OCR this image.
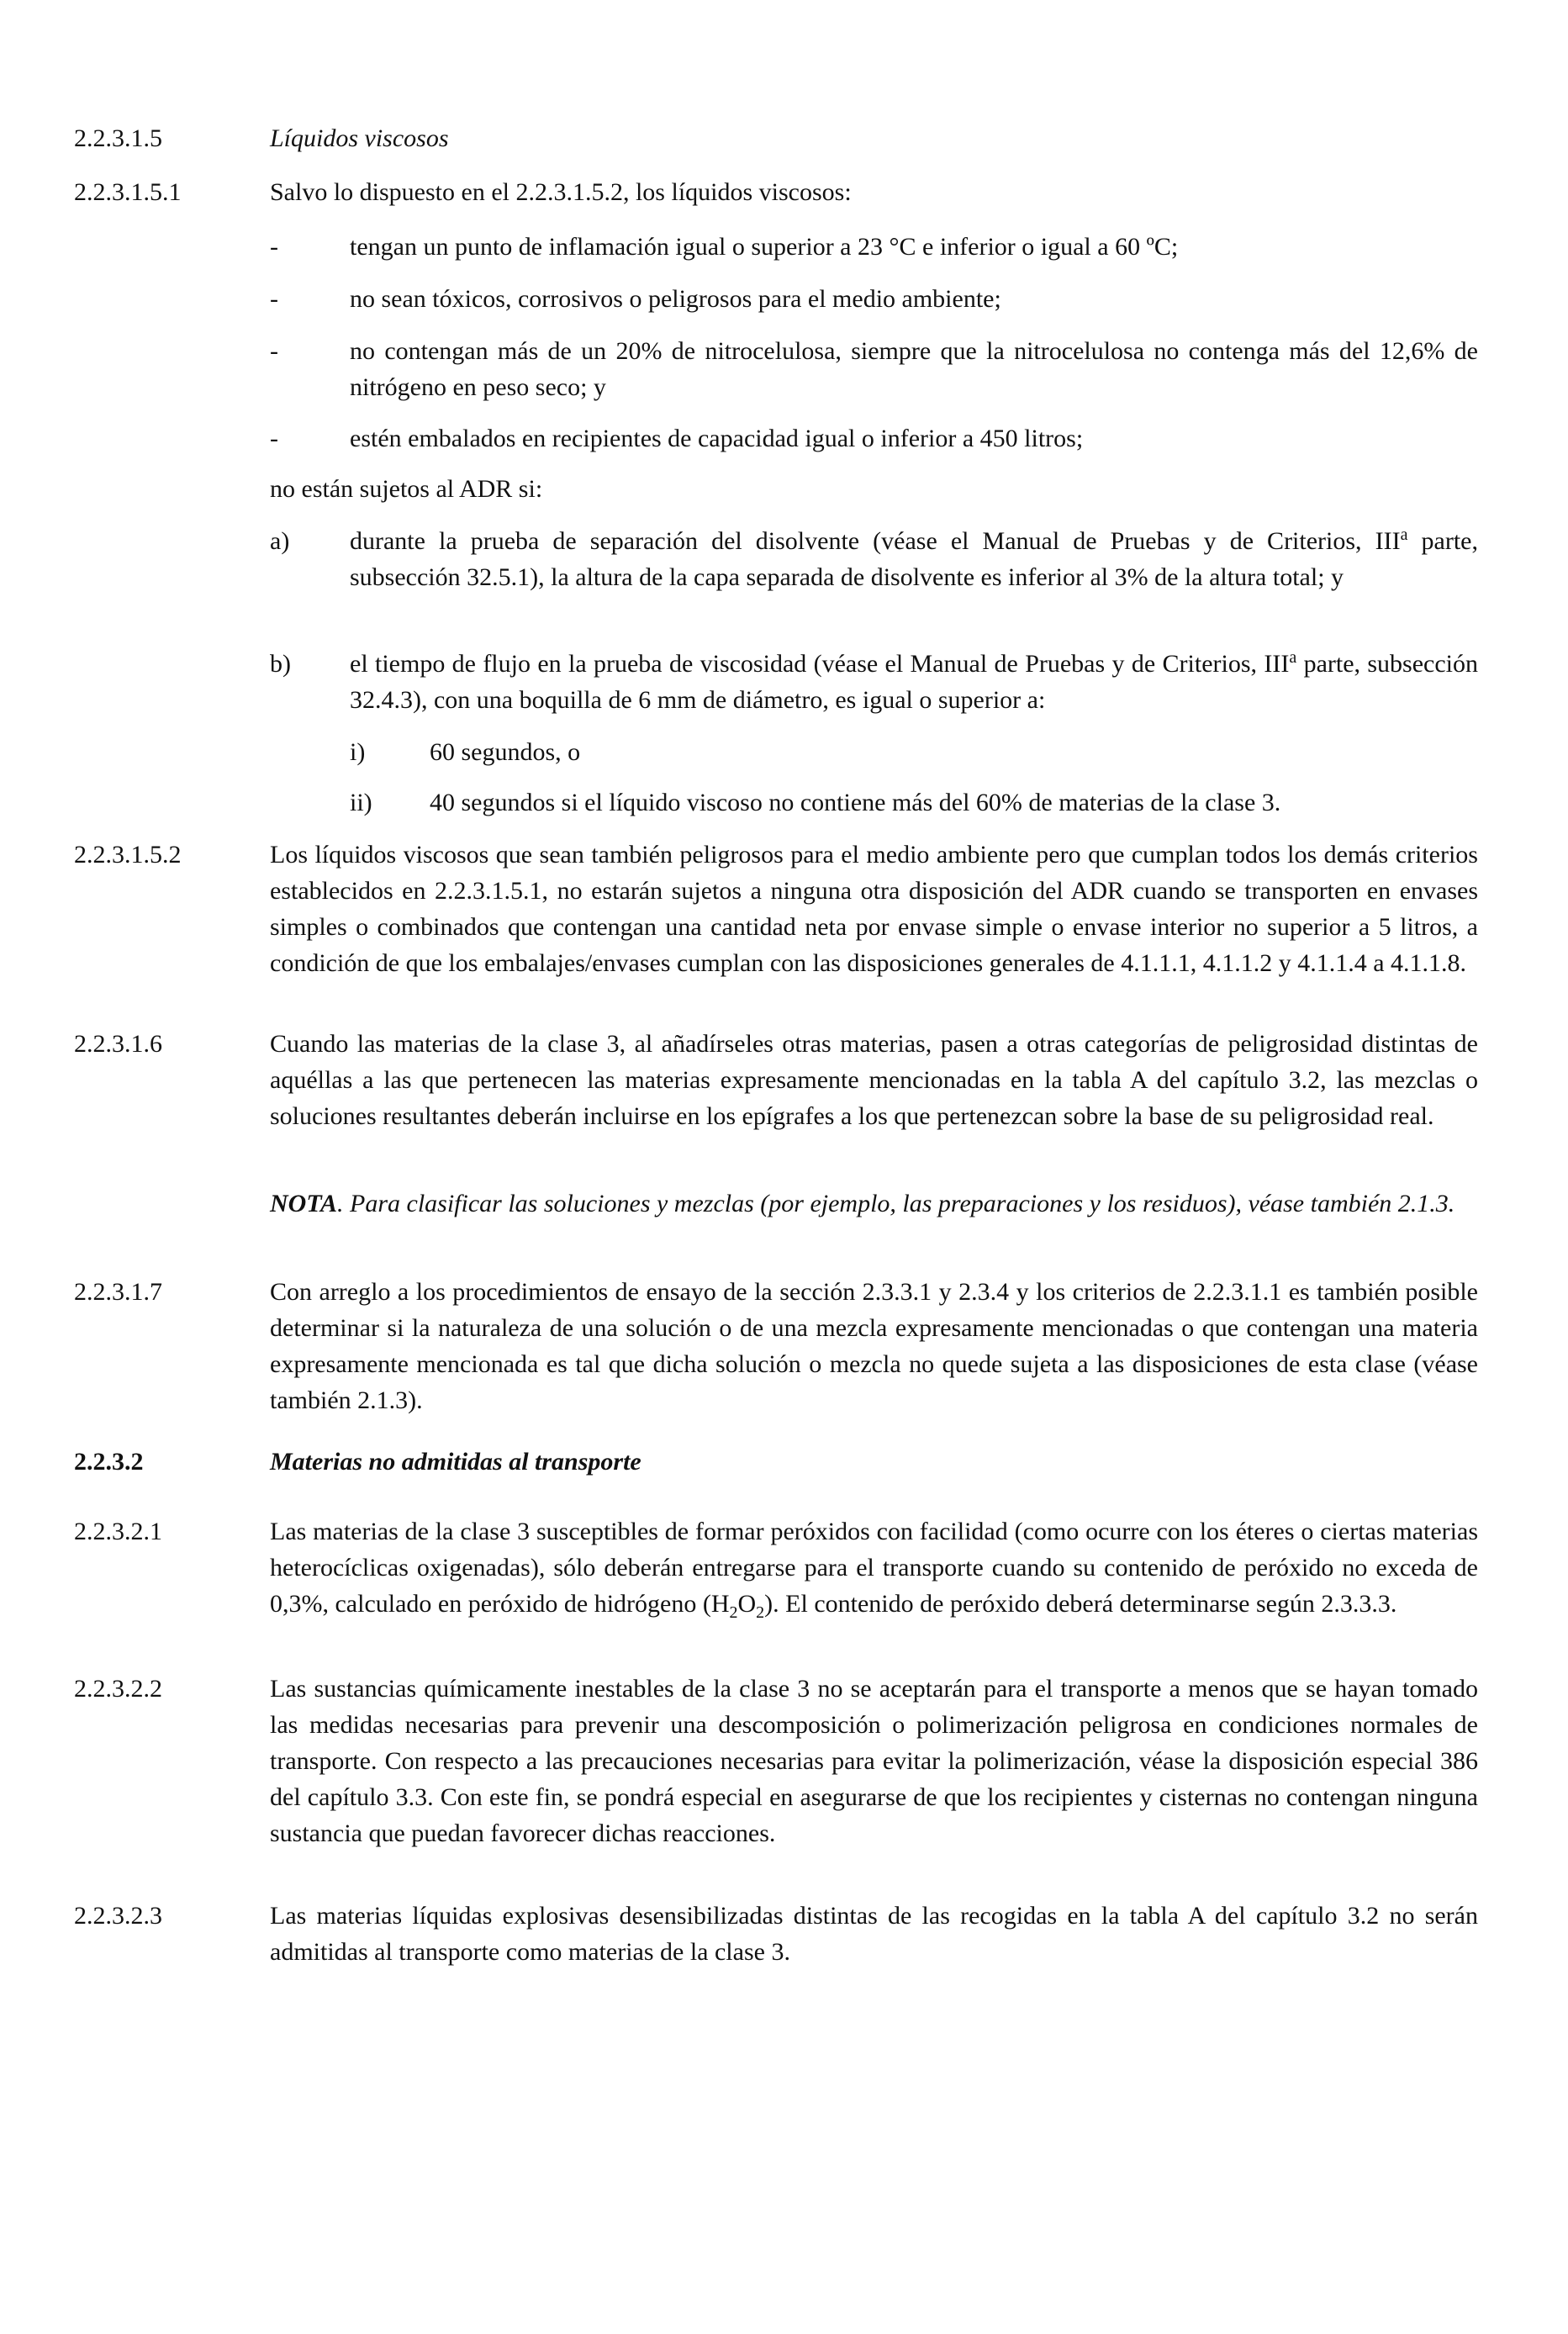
2.2.3.1.5	Líquidos viscosos
2.2.3.1.5.1	Salvo lo dispuesto en el 2.2.3.1.5.2, los líquidos viscosos:
-	tengan un punto de inflamación igual o superior a 23 °C e inferior o igual a 60 ºC;
-	no sean tóxicos, corrosivos o peligrosos para el medio ambiente;
-	no contengan más de un 20% de nitrocelulosa, siempre que la nitrocelulosa no contenga más del 12,6% de nitrógeno en peso seco; y
-	estén embalados en recipientes de capacidad igual o inferior a 450 litros;
no están sujetos al ADR si:
a)	durante la prueba de separación del disolvente (véase el Manual de Pruebas y de Criterios, III$^a$ parte, subsección 32.5.1), la altura de la capa separada de disolvente es inferior al 3% de la altura total; y
b)	el tiempo de flujo en la prueba de viscosidad (véase el Manual de Pruebas y de Criterios, III$^a$ parte, subsección 32.4.3), con una boquilla de 6 mm de diámetro, es igual o superior a:
i)	60 segundos, o
ii)	40 segundos si el líquido viscoso no contiene más del 60% de materias de la clase 3.
2.2.3.1.5.2	Los líquidos viscosos que sean también peligrosos para el medio ambiente pero que cumplan todos los demás criterios establecidos en 2.2.3.1.5.1, no estarán sujetos a ninguna otra disposición del ADR cuando se transporten en envases simples o combinados que contengan una cantidad neta por envase simple o envase interior no superior a 5 litros, a condición de que los embalajes/envases cumplan con las disposiciones generales de 4.1.1.1, 4.1.1.2 y 4.1.1.4 a 4.1.1.8.
2.2.3.1.6	Cuando las materias de la clase 3, al añadírseles otras materias, pasen a otras categorías de peligrosidad distintas de aquéllas a las que pertenecen las materias expresamente mencionadas en la tabla A del capítulo 3.2, las mezclas o soluciones resultantes deberán incluirse en los epígrafes a los que pertenezcan sobre la base de su peligrosidad real.
NOTA. Para clasificar las soluciones y mezclas (por ejemplo, las preparaciones y los residuos), véase también 2.1.3.
2.2.3.1.7	Con arreglo a los procedimientos de ensayo de la sección 2.3.3.1 y 2.3.4 y los criterios de 2.2.3.1.1 es también posible determinar si la naturaleza de una solución o de una mezcla expresamente mencionadas o que contengan una materia expresamente mencionada es tal que dicha solución o mezcla no quede sujeta a las disposiciones de esta clase (véase también 2.1.3).
2.2.3.2	Materias no admitidas al transporte
2.2.3.2.1	Las materias de la clase 3 susceptibles de formar peróxidos con facilidad (como ocurre con los éteres o ciertas materias heterocíclicas oxigenadas), sólo deberán entregarse para el transporte cuando su contenido de peróxido no exceda de 0,3%, calculado en peróxido de hidrógeno $(H_2O_2)$. El contenido de peróxido deberá determinarse según 2.3.3.3.
2.2.3.2.2	Las sustancias químicamente inestables de la clase 3 no se aceptarán para el transporte a menos que se hayan tomado las medidas necesarias para prevenir una descomposición o polimerización peligrosa en condiciones normales de transporte. Con respecto a las precauciones necesarias para evitar la polimerización, véase la disposición especial 386 del capítulo 3.3. Con este fin, se pondrá especial en asegurarse de que los recipientes y cisternas no contengan ninguna sustancia que puedan favorecer dichas reacciones.
2.2.3.2.3	Las materias líquidas explosivas desensibilizadas distintas de las recogidas en la tabla A del capítulo 3.2 no serán admitidas al transporte como materias de la clase 3.
